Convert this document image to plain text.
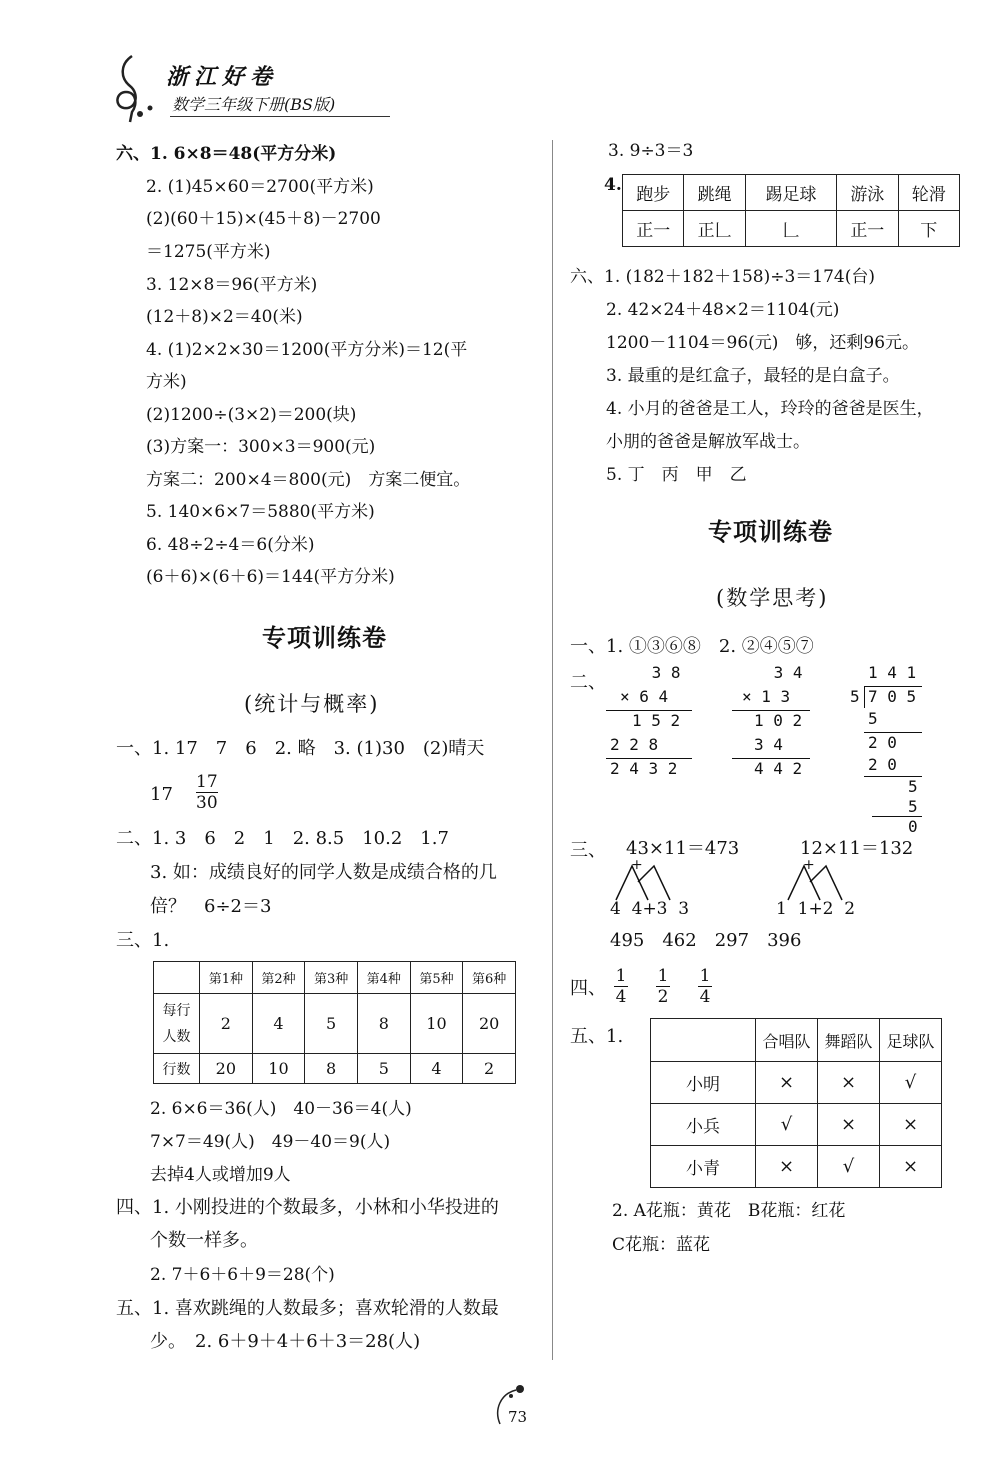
浙江好卷
数学三年级下册(BS版)
六、1. 6×8＝48(平方分米)
2. (1)45×60＝2700(平方米)
(2)(60＋15)×(45＋8)－2700
＝1275(平方米)
3. 12×8＝96(平方米)
(12＋8)×2＝40(米)
4. (1)2×2×30＝1200(平方分米)＝12(平
方米)
(2)1200÷(3×2)＝200(块)
(3)方案一：300×3＝900(元)
方案二：200×4＝800(元)　方案二便宜。
5. 140×6×7＝5880(平方米)
6. 48÷2÷4＝6(分米)
(6＋6)×(6＋6)＝144(平方分米)
专项训练卷
(统计与概率)
一、1. 17　7　6　2. 略　3. (1)30　(2)晴天
17
17
30
二、1. 3　6　2　1　2. 8.5　10.2　1.7
3. 如：成绩良好的同学人数是成绩合格的几
倍？　6÷2＝3
三、1.
	第1种	第2种	第3种	第4种	第5种	第6种
每行人数	2	4	5	8	10	20
行数	20	10	8	5	4	2
2. 6×6＝36(人)　40－36＝4(人)
7×7＝49(人)　49－40＝9(人)
去掉4人或增加9人
四、1. 小刚投进的个数最多，小林和小华投进的
个数一样多。
2. 7＋6＋6＋9＝28(个)
五、1. 喜欢跳绳的人数最多；喜欢轮滑的人数最
少。　2. 6＋9＋4＋6＋3＝28(人)
3. 9÷3＝3
4. 跑步	跳绳	踢足球	游泳	轮滑
正一	正𠃊	𠃊	正一	下
六、1. (182＋182＋158)÷3＝174(台)
2. 42×24＋48×2＝1104(元)
1200－1104＝96(元)　够，还剩96元。
3. 最重的是红盒子，最轻的是白盒子。
4. 小月的爸爸是工人，玲玲的爸爸是医生，
小朋的爸爸是解放军战士。
5. 丁　丙　甲　乙
专项训练卷
(数学思考)
一、1. ①③⑥⑧　2. ②④⑤⑦
二、

3 8

× 6 4

1 5 2

2 2 8

2 4 3 2

3 4

× 1 3

1 0 2

3 4

4 4 2

1 4 1

5

7 0 5

5

2 0

2 0

5

5

0

三、 43×11＝473	12×11＝132
+	+
4  4+3  3	1  1+2  2
495　462　297　396
四、
1
4
1
2
1
4
五、1.
		合唱队	舞蹈队	足球队
小明	×	×	√
小兵	√	×	×
小青	×	√	×
2. A花瓶：黄花　B花瓶：红花
C花瓶：蓝花
73
